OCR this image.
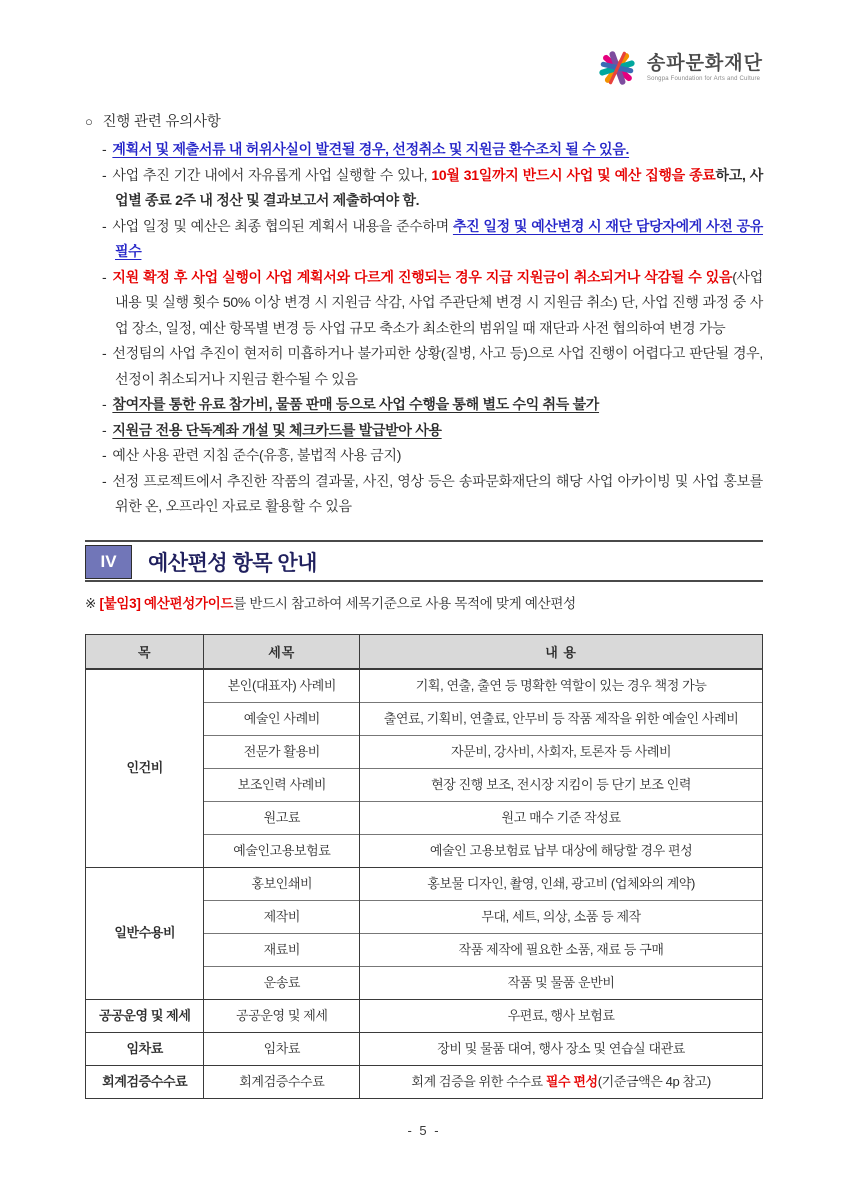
송파문화재단
Songpa Foundation for Arts and Culture
○ 진행 관련 유의사항
- 계획서 및 제출서류 내 허위사실이 발견될 경우, 선정취소 및 지원금 환수조치 될 수 있음.
- 사업 추진 기간 내에서 자유롭게 사업 실행할 수 있나, 10월 31일까지 반드시 사업 및 예산 집행을 종료하고, 사업별 종료 2주 내 정산 및 결과보고서 제출하여야 함.
- 사업 일정 및 예산은 최종 협의된 계획서 내용을 준수하며 추진 일정 및 예산변경 시 재단 담당자에게 사전 공유 필수
- 지원 확정 후 사업 실행이 사업 계획서와 다르게 진행되는 경우 지급 지원금이 취소되거나 삭감될 수 있음(사업 내용 및 실행 횟수 50% 이상 변경 시 지원금 삭감, 사업 주관단체 변경 시 지원금 취소) 단, 사업 진행 과정 중 사업 장소, 일정, 예산 항목별 변경 등 사업 규모 축소가 최소한의 범위일 때 재단과 사전 협의하여 변경 가능
- 선정팀의 사업 추진이 현저히 미흡하거나 불가피한 상황(질병, 사고 등)으로 사업 진행이 어렵다고 판단될 경우, 선정이 취소되거나 지원금 환수될 수 있음
- 참여자를 통한 유료 참가비, 물품 판매 등으로 사업 수행을 통해 별도 수익 취득 불가
- 지원금 전용 단독계좌 개설 및 체크카드를 발급받아 사용
- 예산 사용 관련 지침 준수(유흥, 불법적 사용 금지)
- 선정 프로젝트에서 추진한 작품의 결과물, 사진, 영상 등은 송파문화재단의 해당 사업 아카이빙 및 사업 홍보를 위한 온, 오프라인 자료로 활용할 수 있음
IV	예산편성 항목 안내
※ [붙임3] 예산편성가이드를 반드시 참고하여 세목기준으로 사용 목적에 맞게 예산편성
목	세목	내 용
인건비	본인(대표자) 사례비	기획, 연출, 출연 등 명확한 역할이 있는 경우 책정 가능
	예술인 사례비	출연료, 기획비, 연출료, 안무비 등 작품 제작을 위한 예술인 사례비
	전문가 활용비	자문비, 강사비, 사회자, 토론자 등 사례비
	보조인력 사례비	현장 진행 보조, 전시장 지킴이 등 단기 보조 인력
	원고료	원고 매수 기준 작성료
	예술인고용보험료	예술인 고용보험료 납부 대상에 해당할 경우 편성
일반수용비	홍보인쇄비	홍보물 디자인, 촬영, 인쇄, 광고비 (업체와의 계약)
	제작비	무대, 세트, 의상, 소품 등 제작
	재료비	작품 제작에 필요한 소품, 재료 등 구매
	운송료	작품 및 물품 운반비
공공운영 및 제세	공공운영 및 제세	우편료, 행사 보험료
임차료	임차료	장비 및 물품 대여, 행사 장소 및 연습실 대관료
회계검증수수료	회계검증수수료	회계 검증을 위한 수수료 필수 편성(기준금액은 4p 참고)
- 5 -
